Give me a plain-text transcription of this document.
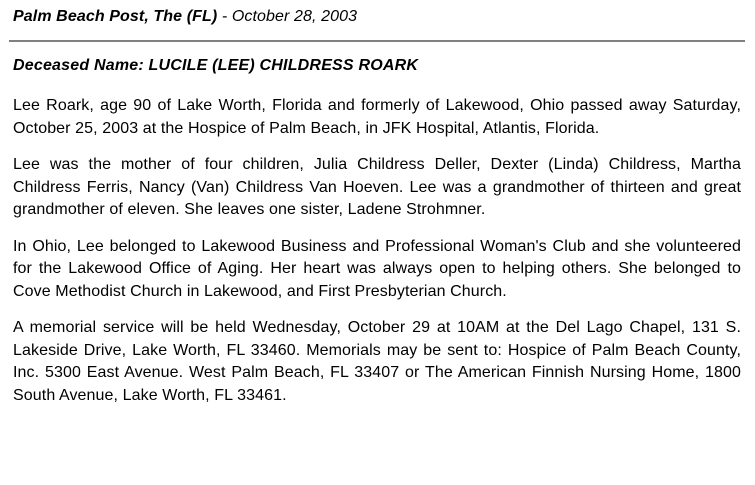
Palm Beach Post, The (FL) - October 28, 2003
Deceased Name: LUCILE (LEE) CHILDRESS ROARK

Lee Roark, age 90 of Lake Worth, Florida and formerly of Lakewood, Ohio passed away Saturday, October 25, 2003 at the Hospice of Palm Beach, in JFK Hospital, Atlantis, Florida.

Lee was the mother of four children, Julia Childress Deller, Dexter (Linda) Childress, Martha Childress Ferris, Nancy (Van) Childress Van Hoeven. Lee was a grandmother of thirteen and great grandmother of eleven. She leaves one sister, Ladene Strohmner.

In Ohio, Lee belonged to Lakewood Business and Professional Woman's Club and she volunteered for the Lakewood Office of Aging. Her heart was always open to helping others. She belonged to Cove Methodist Church in Lakewood, and First Presbyterian Church.

A memorial service will be held Wednesday, October 29 at 10AM at the Del Lago Chapel, 131 S. Lakeside Drive, Lake Worth, FL 33460. Memorials may be sent to: Hospice of Palm Beach County, Inc. 5300 East Avenue. West Palm Beach, FL 33407 or The American Finnish Nursing Home, 1800 South Avenue, Lake Worth, FL 33461.
